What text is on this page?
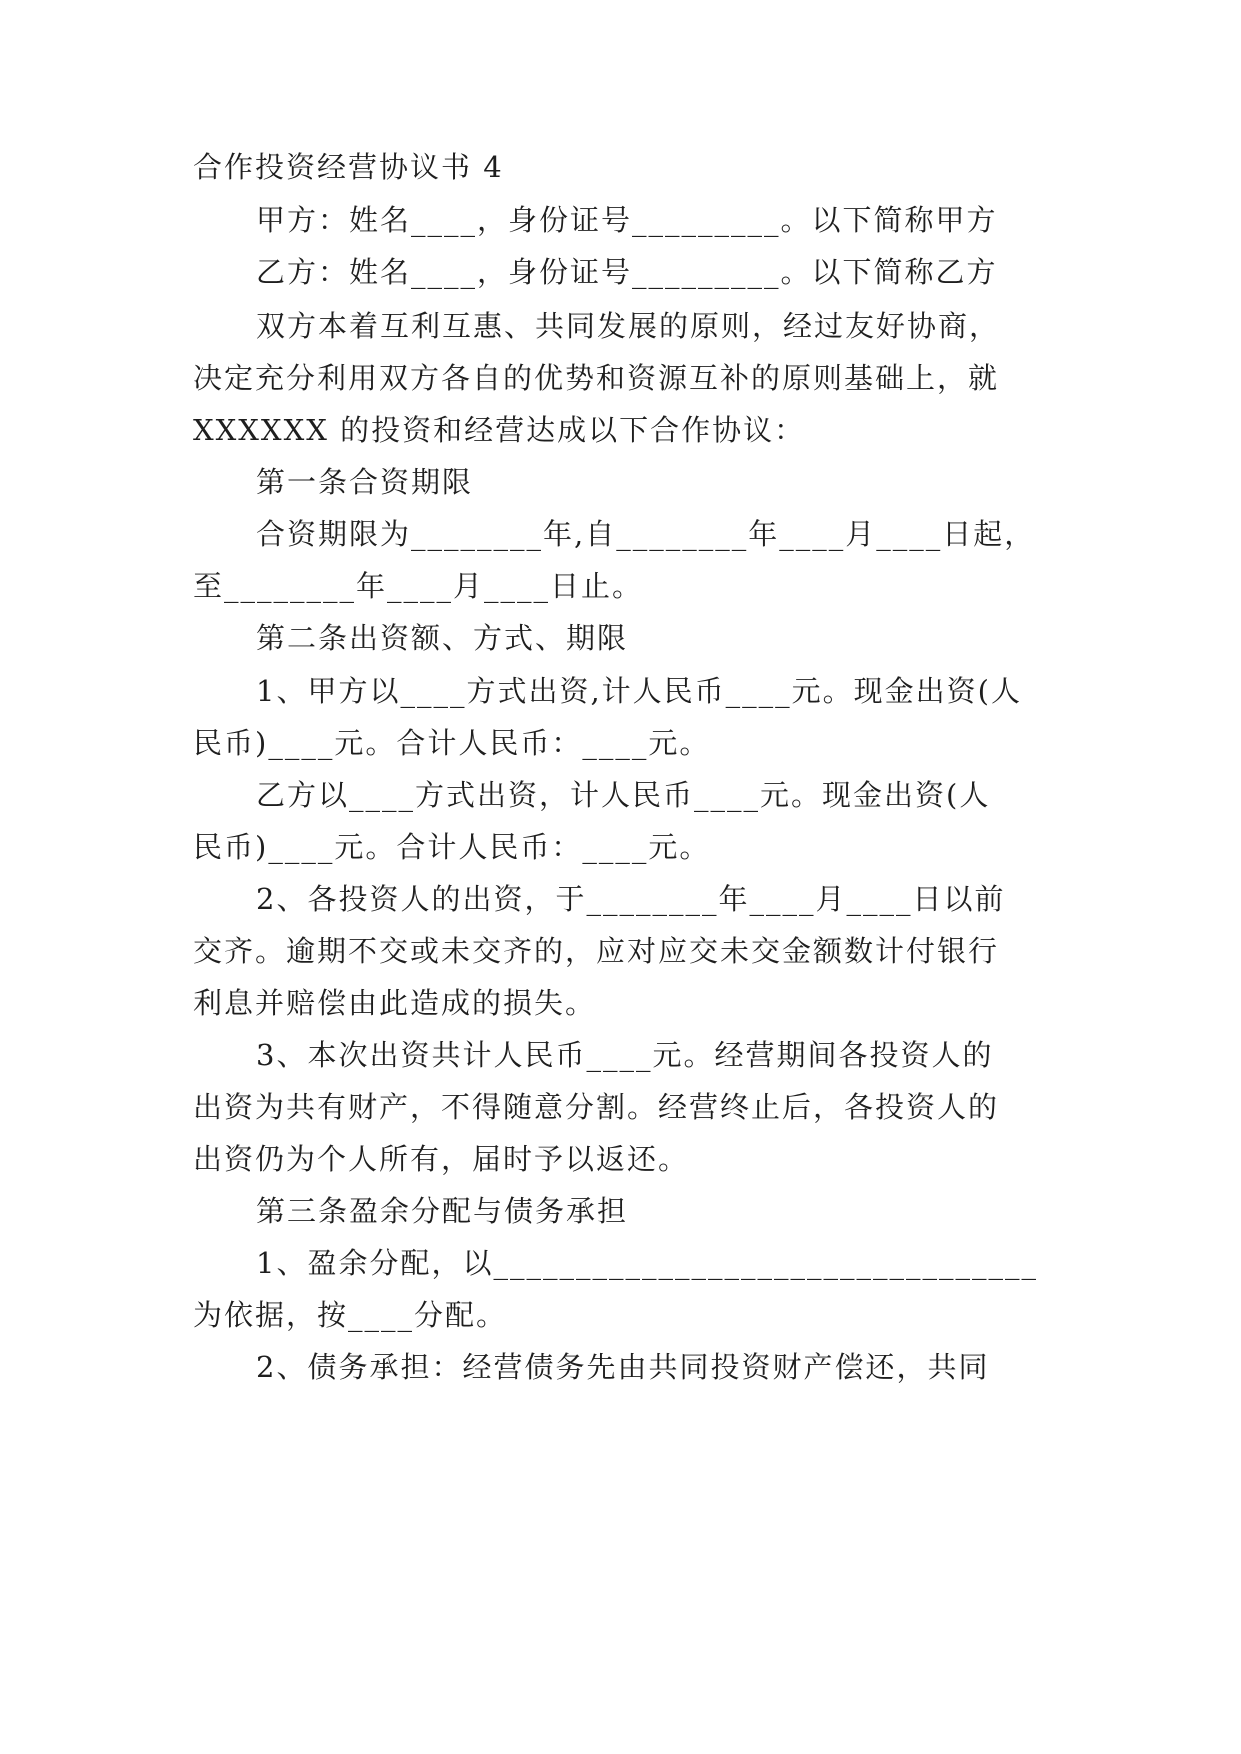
合作投资经营协议书 4
甲方：姓名____，身份证号_________。以下简称甲方
乙方：姓名____，身份证号_________。以下简称乙方
双方本着互利互惠、共同发展的原则，经过友好协商，
决定充分利用双方各自的优势和资源互补的原则基础上，就
XXXXXX 的投资和经营达成以下合作协议：
第一条合资期限
合资期限为________年,自________年____月____日起，
至________年____月____日止。
第二条出资额、方式、期限
1、甲方以____方式出资,计人民币____元。现金出资(人
民币)____元。合计人民币：____元。
乙方以____方式出资，计人民币____元。现金出资(人
民币)____元。合计人民币：____元。
2、各投资人的出资，于________年____月____日以前
交齐。逾期不交或未交齐的，应对应交未交金额数计付银行
利息并赔偿由此造成的损失。
3、本次出资共计人民币____元。经营期间各投资人的
出资为共有财产，不得随意分割。经营终止后，各投资人的
出资仍为个人所有，届时予以返还。
第三条盈余分配与债务承担
1、盈余分配，以_________________________________
为依据，按____分配。
2、债务承担：经营债务先由共同投资财产偿还，共同
